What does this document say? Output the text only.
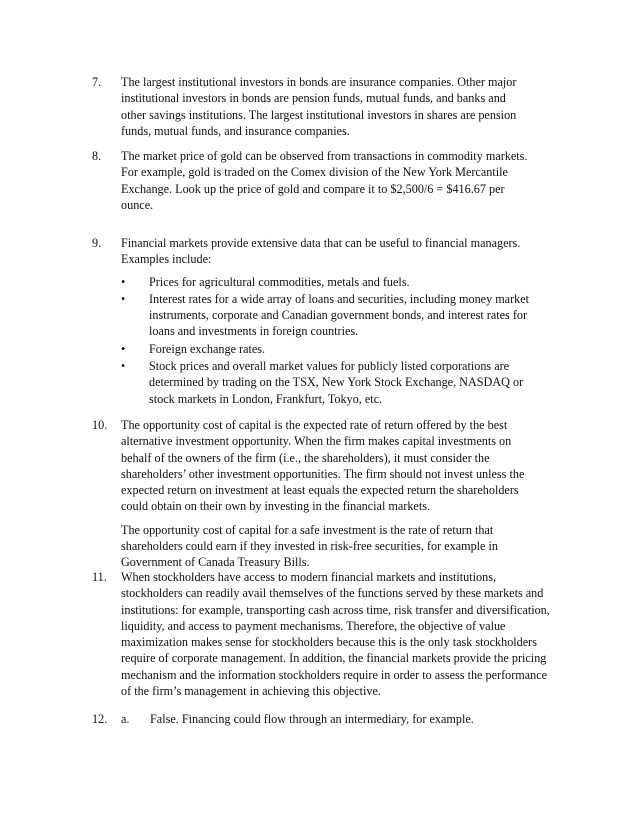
7. The largest institutional investors in bonds are insurance companies. Other major

institutional investors in bonds are pension funds, mutual funds, and banks and

other savings institutions. The largest institutional investors in shares are pension

funds, mutual funds, and insurance companies.

8. The market price of gold can be observed from transactions in commodity markets.

For example, gold is traded on the Comex division of the New York Mercantile

Exchange. Look up the price of gold and compare it to $2,500/6 = $416.67 per

ounce.

9. Financial markets provide extensive data that can be useful to financial managers.

Examples include:

• Prices for agricultural commodities, metals and fuels.

• Interest rates for a wide array of loans and securities, including money market

instruments, corporate and Canadian government bonds, and interest rates for

loans and investments in foreign countries.

• Foreign exchange rates.

• Stock prices and overall market values for publicly listed corporations are

determined by trading on the TSX, New York Stock Exchange, NASDAQ or

stock markets in London, Frankfurt, Tokyo, etc.

10. The opportunity cost of capital is the expected rate of return offered by the best

alternative investment opportunity. When the firm makes capital investments on

behalf of the owners of the firm (i.e., the shareholders), it must consider the

shareholders’ other investment opportunities. The firm should not invest unless the

expected return on investment at least equals the expected return the shareholders

could obtain on their own by investing in the financial markets.

The opportunity cost of capital for a safe investment is the rate of return that

shareholders could earn if they invested in risk-free securities, for example in

Government of Canada Treasury Bills.

11. When stockholders have access to modern financial markets and institutions,

stockholders can readily avail themselves of the functions served by these markets and

institutions: for example, transporting cash across time, risk transfer and diversification,

liquidity, and access to payment mechanisms. Therefore, the objective of value

maximization makes sense for stockholders because this is the only task stockholders

require of corporate management. In addition, the financial markets provide the pricing

mechanism and the information stockholders require in order to assess the performance

of the firm’s management in achieving this objective.

12. a. False. Financing could flow through an intermediary, for example.
